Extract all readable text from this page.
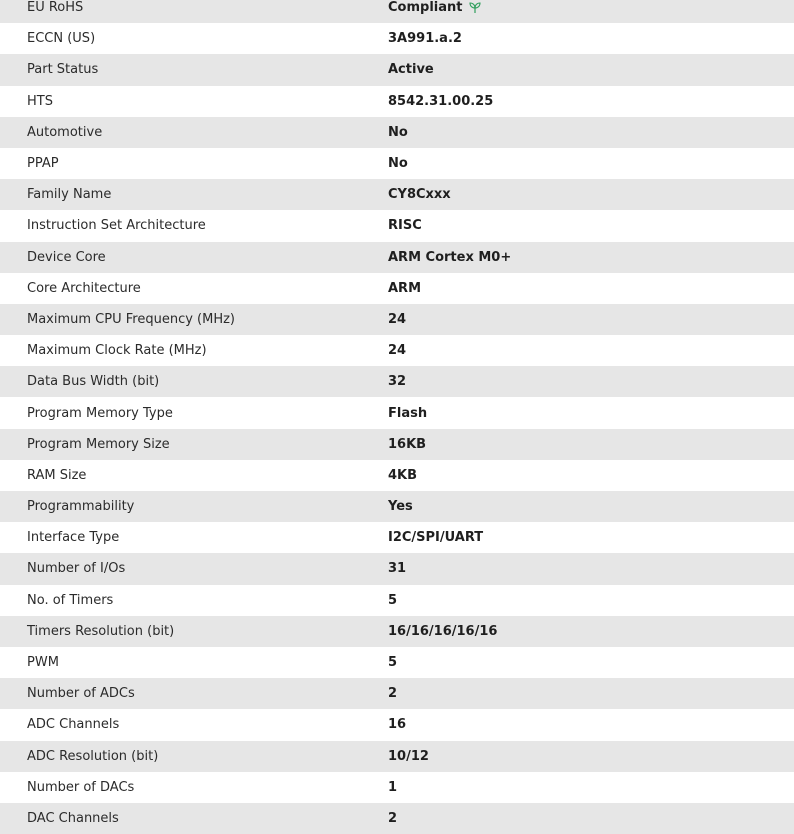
EU RoHS	Compliant
ECCN (US)	3A991.a.2
Part Status	Active
HTS	8542.31.00.25
Automotive	No
PPAP	No
Family Name	CY8Cxxx
Instruction Set Architecture	RISC
Device Core	ARM Cortex M0+
Core Architecture	ARM
Maximum CPU Frequency (MHz)	24
Maximum Clock Rate (MHz)	24
Data Bus Width (bit)	32
Program Memory Type	Flash
Program Memory Size	16KB
RAM Size	4KB
Programmability	Yes
Interface Type	I2C/SPI/UART
Number of I/Os	31
No. of Timers	5
Timers Resolution (bit)	16/16/16/16/16
PWM	5
Number of ADCs	2
ADC Channels	16
ADC Resolution (bit)	10/12
Number of DACs	1
DAC Channels	2
